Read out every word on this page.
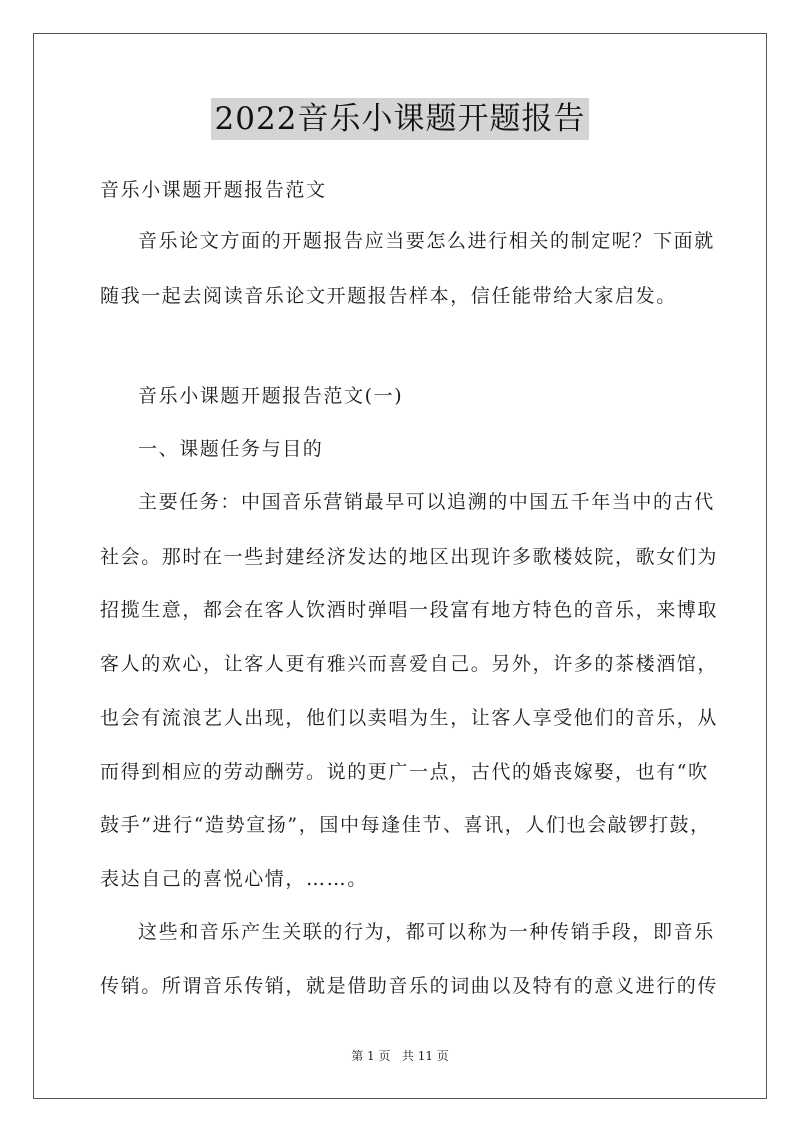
2022音乐小课题开题报告
音乐小课题开题报告范文
音乐论文方面的开题报告应当要怎么进行相关的制定呢？下面就
随我一起去阅读音乐论文开题报告样本，信任能带给大家启发。
音乐小课题开题报告范文(一)
一、课题任务与目的
主要任务：中国音乐营销最早可以追溯的中国五千年当中的古代
社会。那时在一些封建经济发达的地区出现许多歌楼妓院，歌女们为
招揽生意，都会在客人饮酒时弹唱一段富有地方特色的音乐，来博取
客人的欢心，让客人更有雅兴而喜爱自己。另外，许多的茶楼酒馆，
也会有流浪艺人出现，他们以卖唱为生，让客人享受他们的音乐，从
而得到相应的劳动酬劳。说的更广一点，古代的婚丧嫁娶，也有“吹
鼓手”进行“造势宣扬”，国中每逢佳节、喜讯，人们也会敲锣打鼓，
表达自己的喜悦心情，……。
这些和音乐产生关联的行为，都可以称为一种传销手段，即音乐
传销。所谓音乐传销，就是借助音乐的词曲以及特有的意义进行的传
第 1 页   共 11 页
